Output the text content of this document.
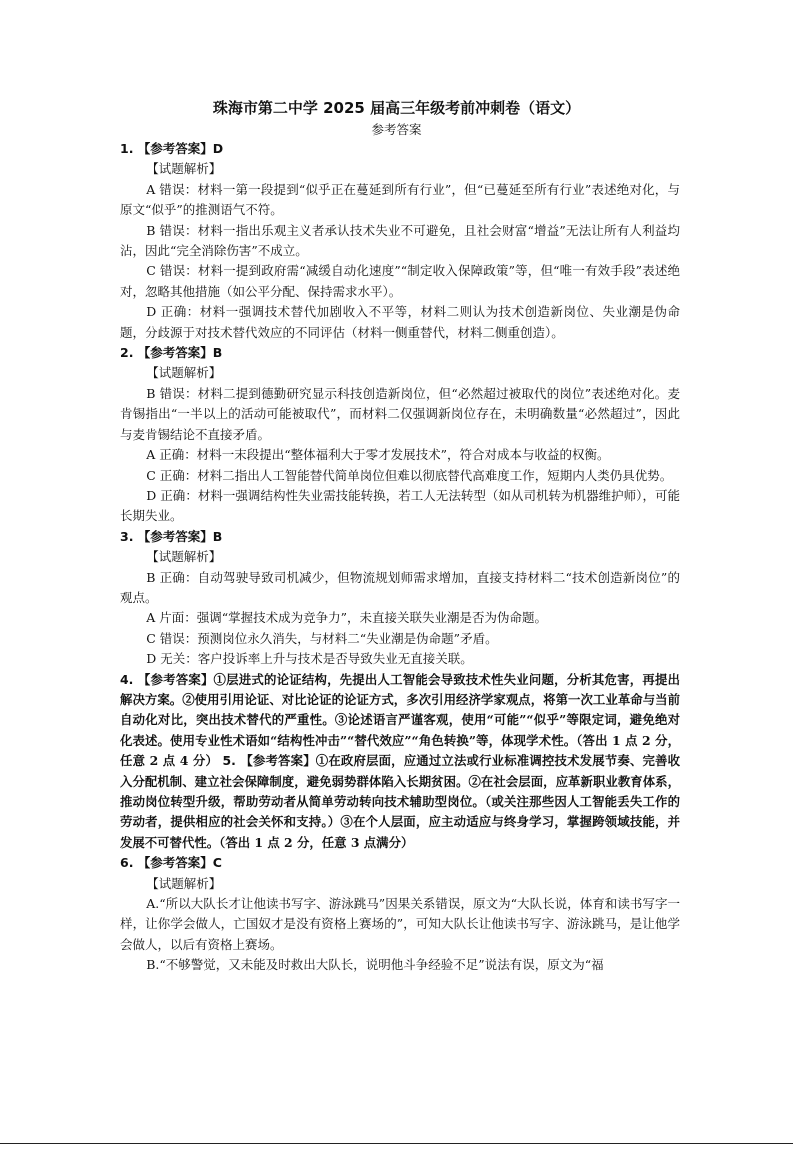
珠海市第二中学 2025 届高三年级考前冲刺卷（语文）
参考答案

1. 【参考答案】D

【试题解析】

A 错误：材料一第一段提到“似乎正在蔓延到所有行业”，但“已蔓延至所有行业”表述绝对化，与原文“似乎”的推测语气不符。

B 错误：材料一指出乐观主义者承认技术失业不可避免，且社会财富“增益”无法让所有人利益均沾，因此“完全消除伤害”不成立。

C 错误：材料一提到政府需“减缓自动化速度”“制定收入保障政策”等，但“唯一有效手段”表述绝对，忽略其他措施（如公平分配、保持需求水平）。

D 正确：材料一强调技术替代加剧收入不平等，材料二则认为技术创造新岗位、失业潮是伪命题，分歧源于对技术替代效应的不同评估（材料一侧重替代，材料二侧重创造）。

2. 【参考答案】B

【试题解析】

B 错误：材料二提到德勤研究显示科技创造新岗位，但“必然超过被取代的岗位”表述绝对化。麦肯锡指出“一半以上的活动可能被取代”，而材料二仅强调新岗位存在，未明确数量“必然超过”，因此与麦肯锡结论不直接矛盾。

A 正确：材料一末段提出“整体福利大于零才发展技术”，符合对成本与收益的权衡。

C 正确：材料二指出人工智能替代简单岗位但难以彻底替代高难度工作，短期内人类仍具优势。

D 正确：材料一强调结构性失业需技能转换，若工人无法转型（如从司机转为机器维护师），可能长期失业。

3. 【参考答案】B

【试题解析】

B 正确：自动驾驶导致司机减少，但物流规划师需求增加，直接支持材料二“技术创造新岗位”的观点。

A 片面：强调“掌握技术成为竞争力”，未直接关联失业潮是否为伪命题。

C 错误：预测岗位永久消失，与材料二“失业潮是伪命题”矛盾。

D 无关：客户投诉率上升与技术是否导致失业无直接关联。

4. 【参考答案】①层进式的论证结构，先提出人工智能会导致技术性失业问题，分析其危害，再提出解决方案。②使用引用论证、对比论证的论证方式，多次引用经济学家观点，将第一次工业革命与当前自动化对比，突出技术替代的严重性。③论述语言严谨客观，使用“可能”“似乎”等限定词，避免绝对化表述。使用专业性术语如“结构性冲击”“替代效应”“角色转换”等，体现学术性。（答出 1 点 2 分，任意 2 点 4 分） 5. 【参考答案】①在政府层面，应通过立法或行业标准调控技术发展节奏、完善收入分配机制、建立社会保障制度，避免弱势群体陷入长期贫困。②在社会层面，应革新职业教育体系，推动岗位转型升级，帮助劳动者从简单劳动转向技术辅助型岗位。（或关注那些因人工智能丢失工作的劳动者，提供相应的社会关怀和支持。）③在个人层面，应主动适应与终身学习，掌握跨领域技能，并发展不可替代性。（答出 1 点 2 分，任意 3 点满分）

6. 【参考答案】C

【试题解析】

A.“所以大队长才让他读书写字、游泳跳马”因果关系错误，原文为“大队长说，体育和读书写字一样，让你学会做人，亡国奴才是没有资格上赛场的”，可知大队长让他读书写字、游泳跳马，是让他学会做人，以后有资格上赛场。

B.“不够警觉，又未能及时救出大队长，说明他斗争经验不足”说法有误，原文为“福
